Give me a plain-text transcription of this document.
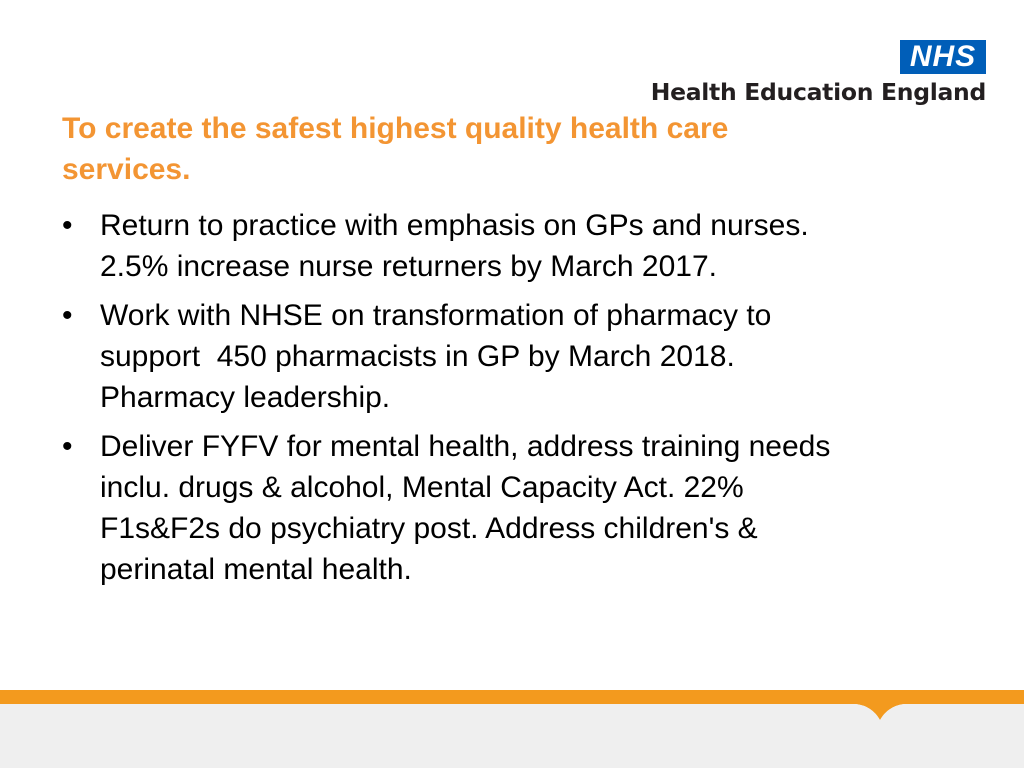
NHS
Health Education England
To create the safest highest quality health care services.
• Return to practice with emphasis on GPs and nurses.
2.5% increase nurse returners by March 2017.
• Work with NHSE on transformation of pharmacy to
support  450 pharmacists in GP by March 2018.
Pharmacy leadership.
• Deliver FYFV for mental health, address training needs
inclu. drugs & alcohol, Mental Capacity Act. 22%
F1s&F2s do psychiatry post. Address children's &
perinatal mental health.
